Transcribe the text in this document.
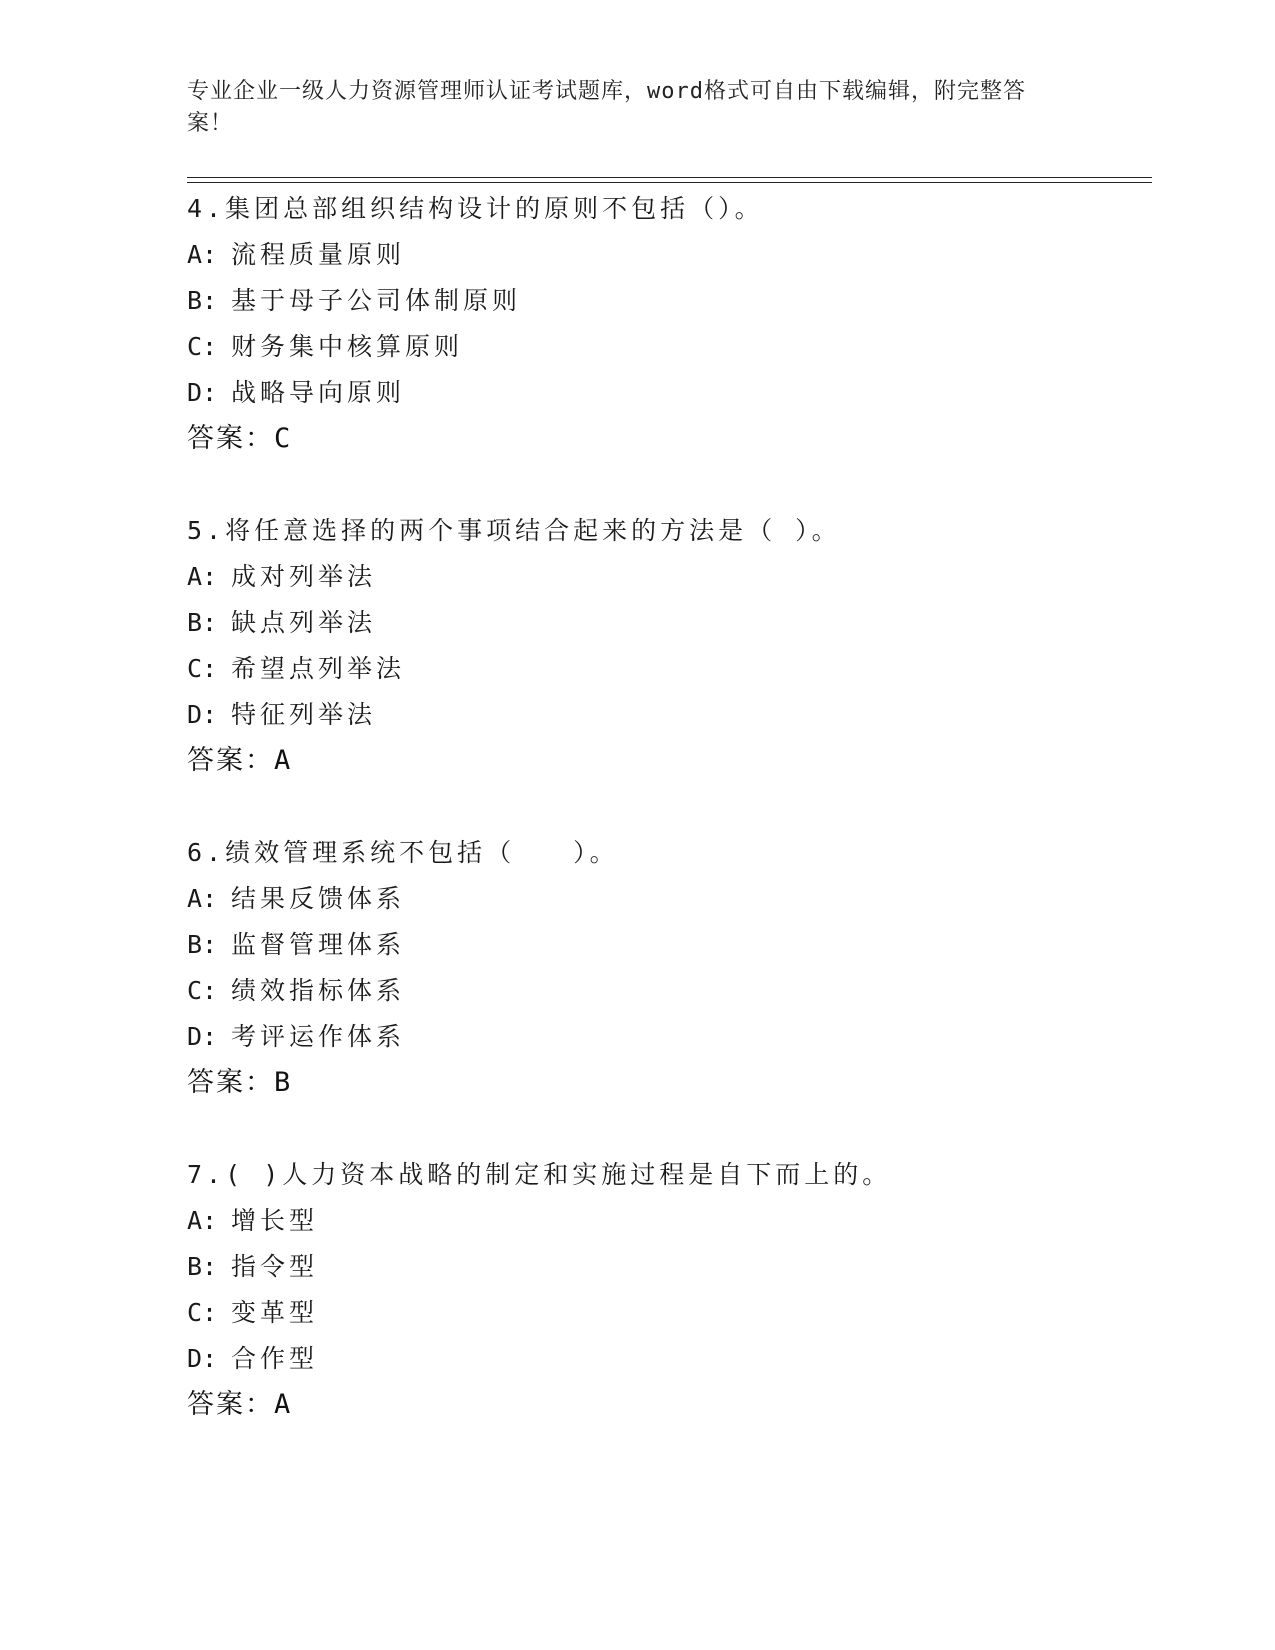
专业企业一级人力资源管理师认证考试题库，word格式可自由下载编辑，附完整答案！
4.集团总部组织结构设计的原则不包括（）。
A: 流程质量原则
B: 基于母子公司体制原则
C: 财务集中核算原则
D: 战略导向原则
答案：C
5.将任意选择的两个事项结合起来的方法是（ ）。
A: 成对列举法
B: 缺点列举法
C: 希望点列举法
D: 特征列举法
答案：A
6.绩效管理系统不包括（　　）。
A: 结果反馈体系
B: 监督管理体系
C: 绩效指标体系
D: 考评运作体系
答案：B
7.( )人力资本战略的制定和实施过程是自下而上的。
A: 增长型
B: 指令型
C: 变革型
D: 合作型
答案：A
